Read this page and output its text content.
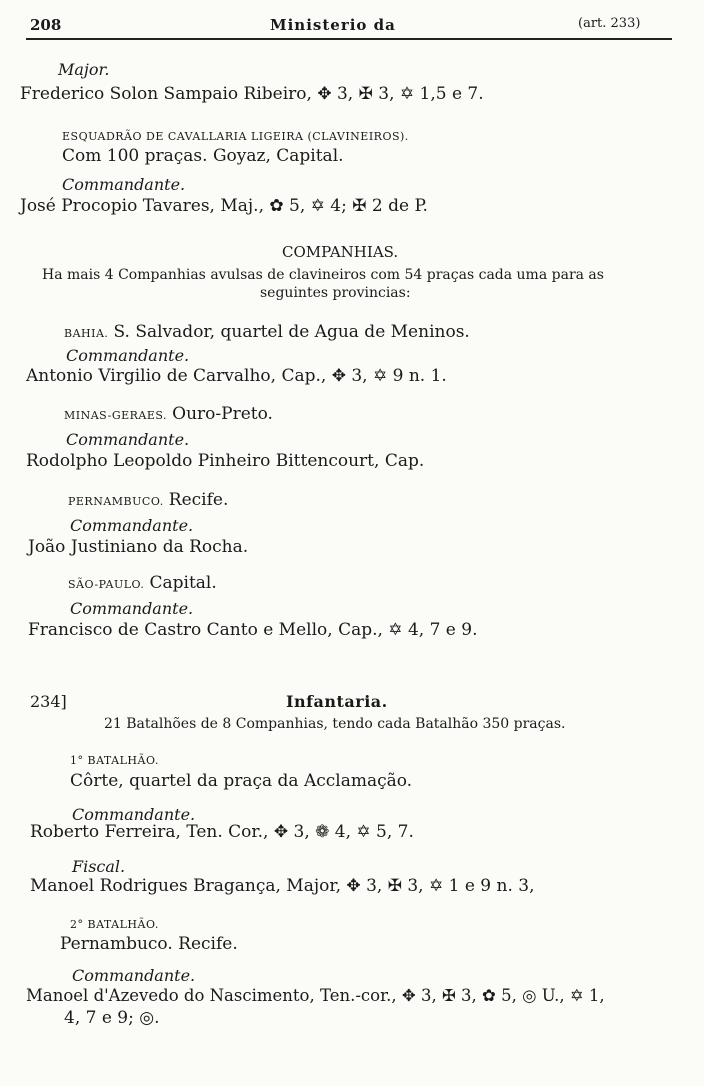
208	Ministerio da	(art. 233)
Major.
Frederico Solon Sampaio Ribeiro, ✥ 3, ✠ 3, ✡ 1,5 e 7.
ESQUADRÃO DE CAVALLARIA LIGEIRA (CLAVINEIROS).
Com 100 praças. Goyaz, Capital.
Commandante.
José Procopio Tavares, Maj., ✿ 5, ✡ 4; ✠ 2 de P.
COMPANHIAS.
Ha mais 4 Companhias avulsas de clavineiros com 54 praças cada uma para as
seguintes provincias:
BAHIA. S. Salvador, quartel de Agua de Meninos.
Commandante.
Antonio Virgilio de Carvalho, Cap., ✥ 3, ✡ 9 n. 1.
MINAS-GERAES. Ouro-Preto.
Commandante.
Rodolpho Leopoldo Pinheiro Bittencourt, Cap.
PERNAMBUCO. Recife.
Commandante.
João Justiniano da Rocha.
SÃO-PAULO. Capital.
Commandante.
Francisco de Castro Canto e Mello, Cap., ✡ 4, 7 e 9.
234]	Infantaria.
21 Batalhões de 8 Companhias, tendo cada Batalhão 350 praças.
1° BATALHÃO.
Côrte, quartel da praça da Acclamação.
Commandante.
Roberto Ferreira, Ten. Cor., ✥ 3, ❁ 4, ✡ 5, 7.
Fiscal.
Manoel Rodrigues Bragança, Major, ✥ 3, ✠ 3, ✡ 1 e 9 n. 3,
2° BATALHÃO.
Pernambuco. Recife.
Commandante.
Manoel d'Azevedo do Nascimento, Ten.-cor., ✥ 3, ✠ 3, ✿ 5, ◎ U., ✡ 1,
4, 7 e 9; ◎.
